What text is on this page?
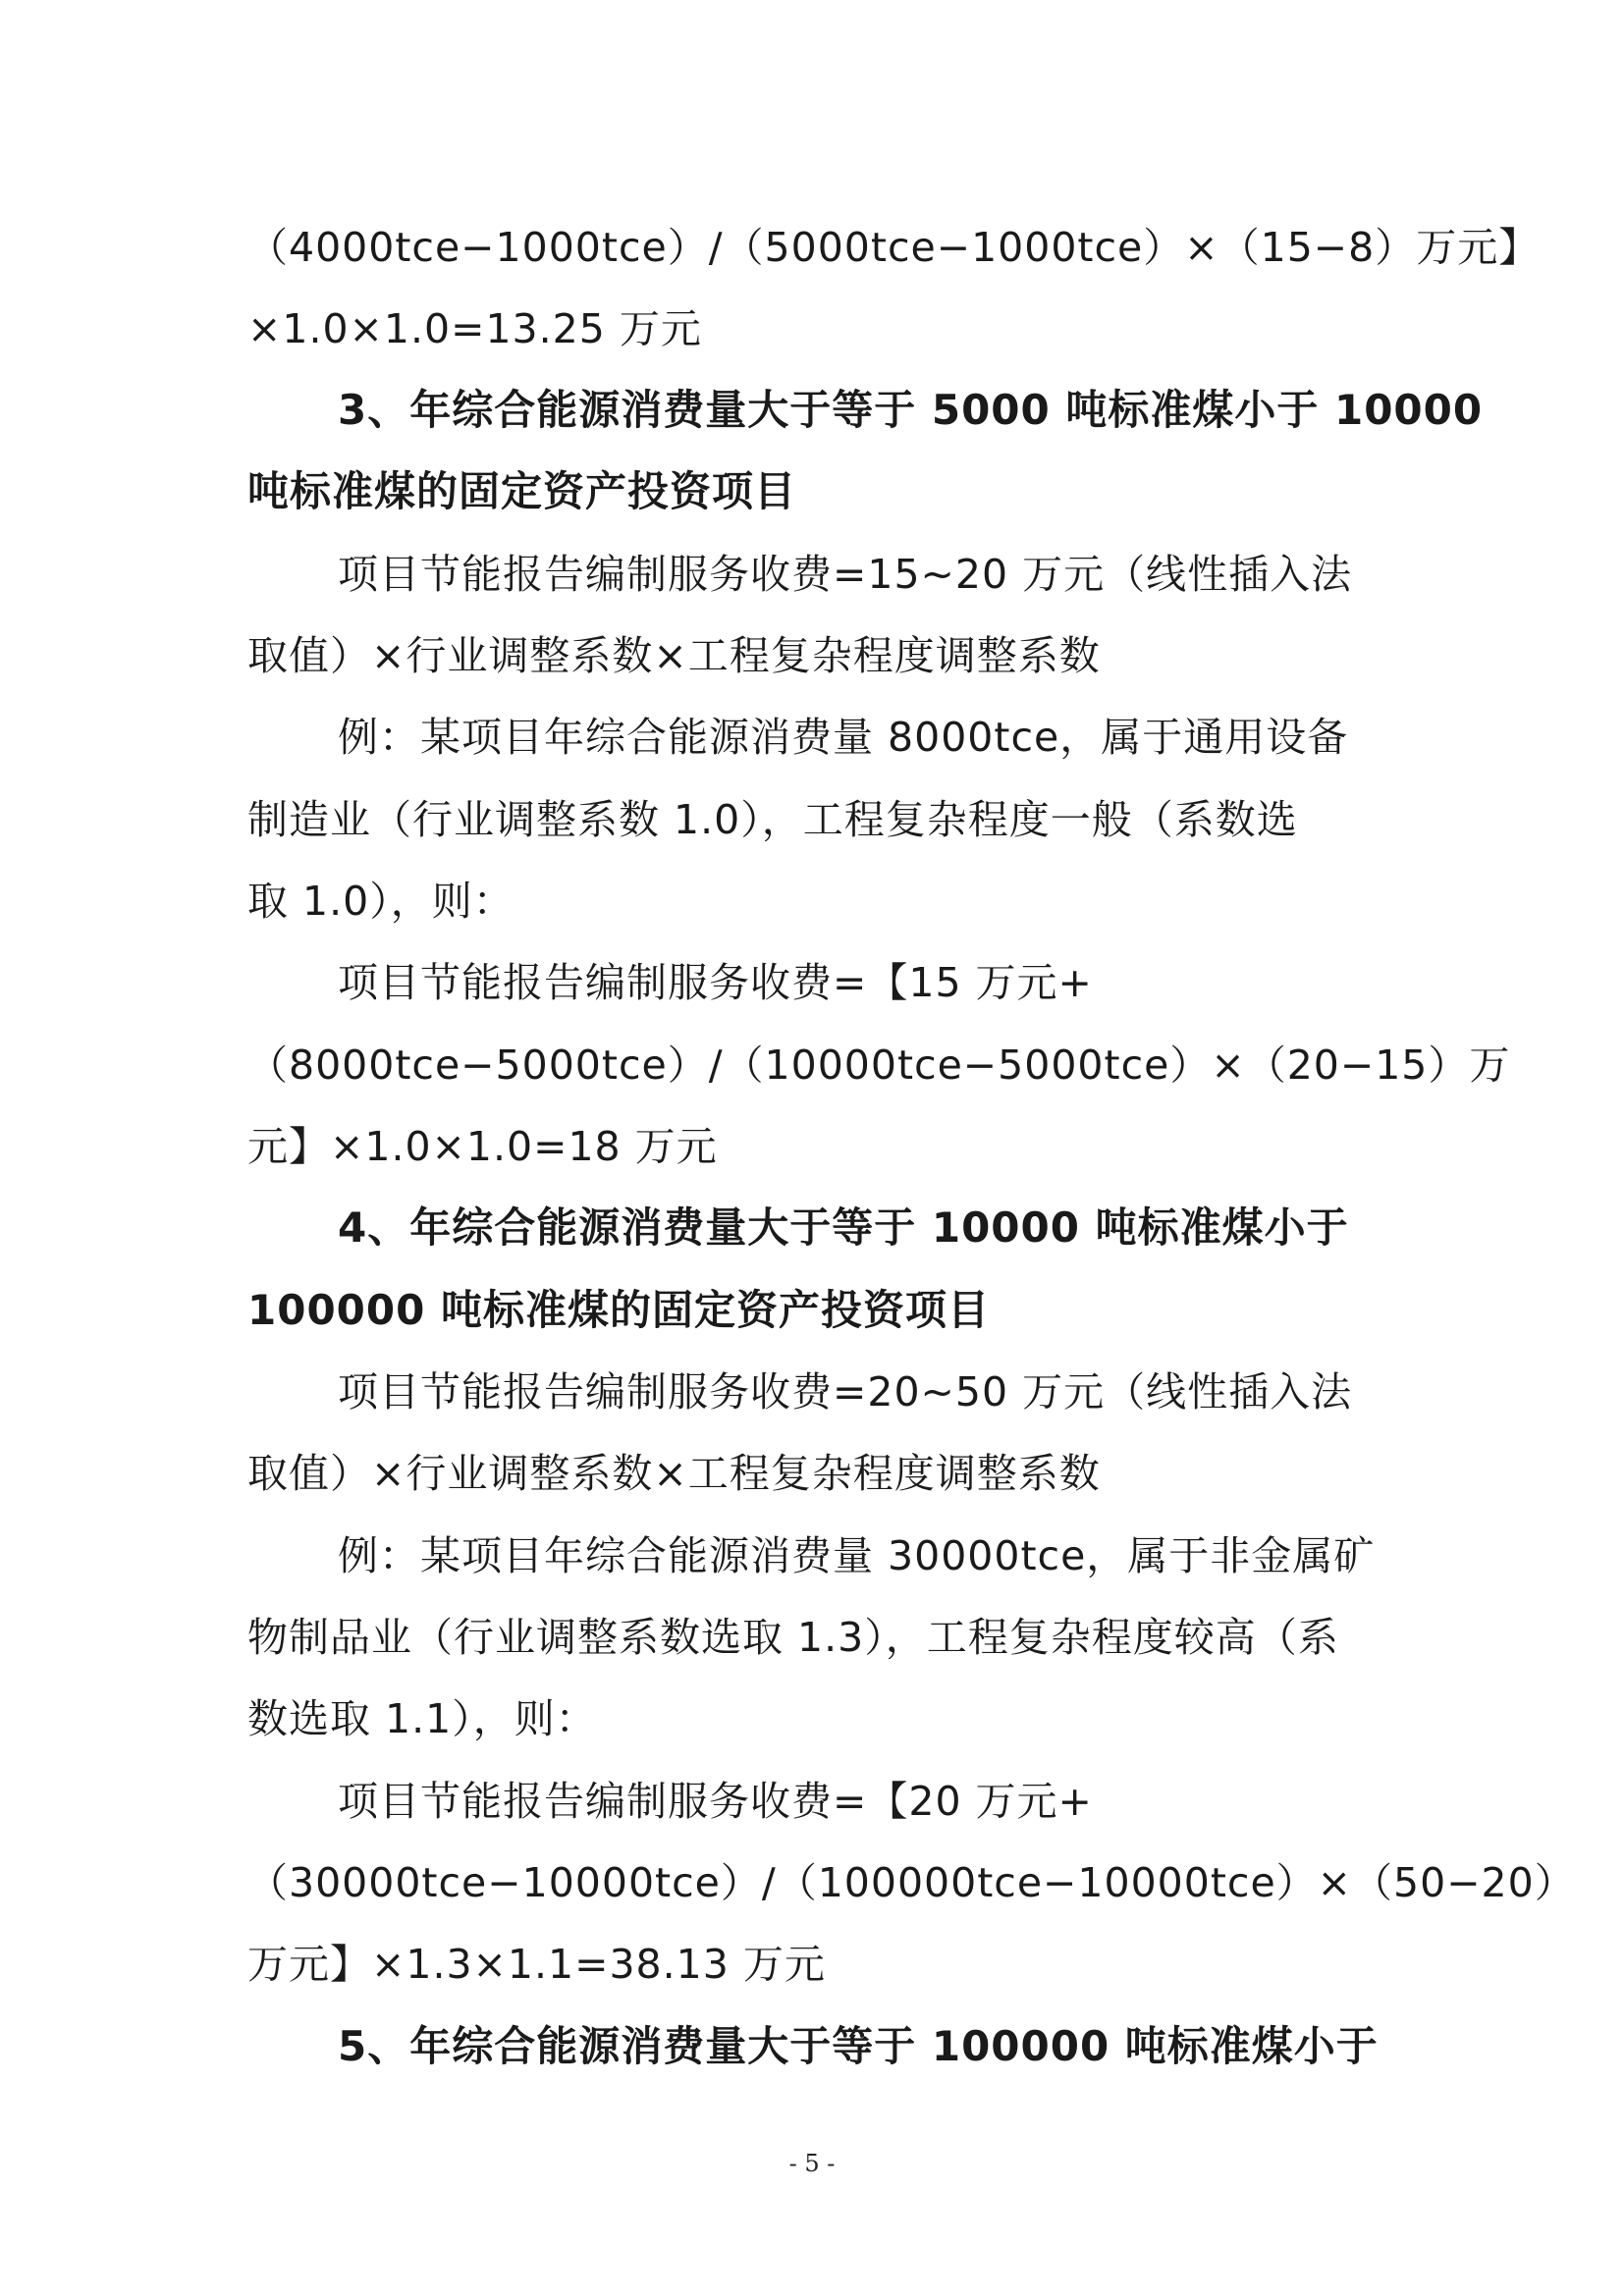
（4000tce−1000tce）/（5000tce−1000tce）×（15−8）万元】
×1.0×1.0=13.25 万元
3、年综合能源消费量大于等于 5000 吨标准煤小于 10000
吨标准煤的固定资产投资项目
项目节能报告编制服务收费=15~20 万元（线性插入法
取值）×行业调整系数×工程复杂程度调整系数
例：某项目年综合能源消费量 8000tce，属于通用设备
制造业（行业调整系数 1.0），工程复杂程度一般（系数选
取 1.0），则：
项目节能报告编制服务收费=【15 万元+
（8000tce−5000tce）/（10000tce−5000tce）×（20−15）万
元】×1.0×1.0=18 万元
4、年综合能源消费量大于等于 10000 吨标准煤小于
100000 吨标准煤的固定资产投资项目
项目节能报告编制服务收费=20~50 万元（线性插入法
取值）×行业调整系数×工程复杂程度调整系数
例：某项目年综合能源消费量 30000tce，属于非金属矿
物制品业（行业调整系数选取 1.3），工程复杂程度较高（系
数选取 1.1），则：
项目节能报告编制服务收费=【20 万元+
（30000tce−10000tce）/（100000tce−10000tce）×（50−20）
万元】×1.3×1.1=38.13 万元
5、年综合能源消费量大于等于 100000 吨标准煤小于
- 5 -
